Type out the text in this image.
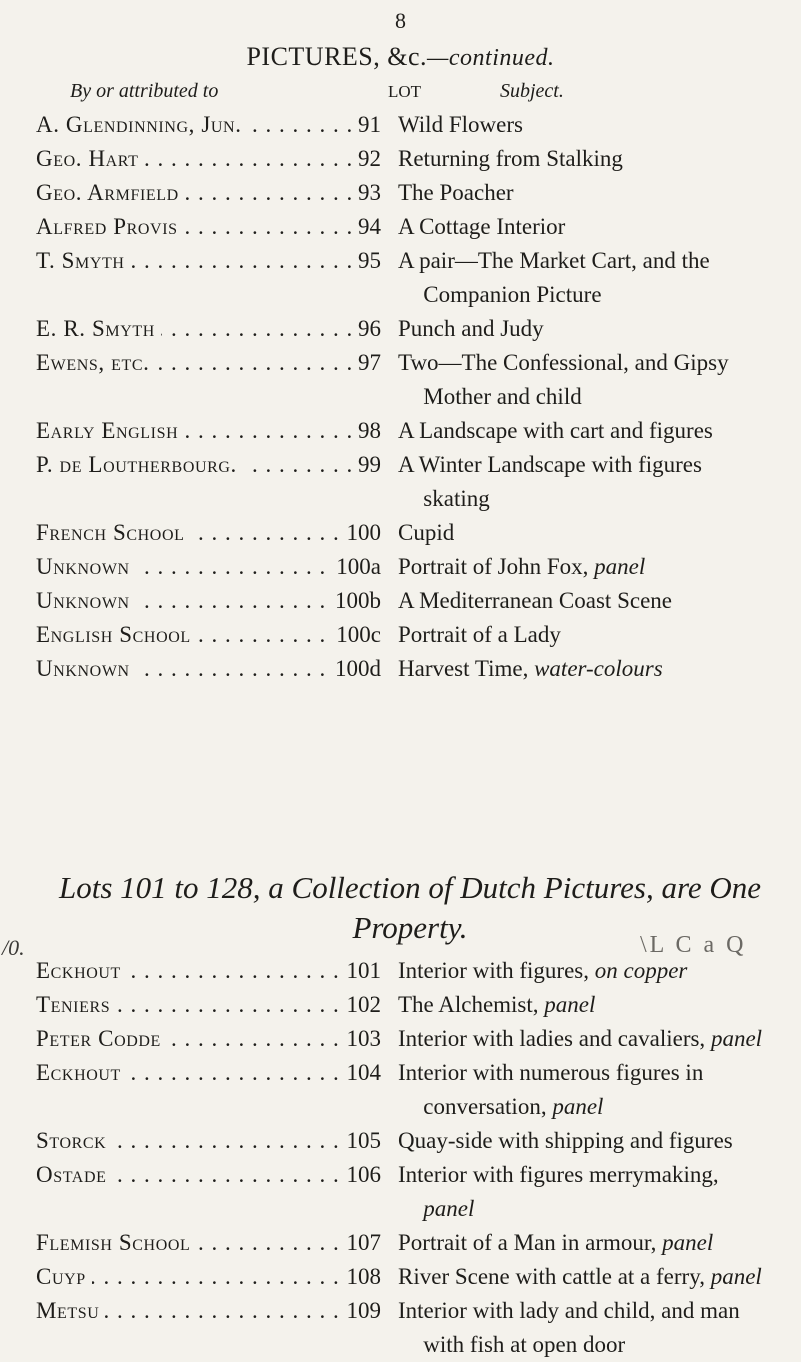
8
PICTURES, &c.—continued.
By or attributed to	LOT	Subject.
A. Glendinning, Jun. . . .	91 Wild Flowers
Geo. Hart . . .	92 Returning from Stalking
Geo. Armfield . . .	93 The Poacher
Alfred Provis . . .	94 A Cottage Interior
T. Smyth . . .	95 A pair—The Market Cart, and the Companion Picture
E. R. Smyth . . .	96 Punch and Judy
Ewens, etc. . . .	97 Two—The Confessional, and Gipsy Mother and child
Early English . . .	98 A Landscape with cart and figures
P. de Loutherbourg. . . .	99 A Winter Landscape with figures skating
French School . . .	100 Cupid
Unknown . . .	100a Portrait of John Fox, panel
Unknown . . .	100b A Mediterranean Coast Scene
English School . . .	100c Portrait of a Lady
Unknown . . .	100d Harvest Time, water-colours
Lots 101 to 128, a Collection of Dutch Pictures, are One Property.
Eckhout . . .	101 Interior with figures, on copper
Teniers . . .	102 The Alchemist, panel
Peter Codde . . .	103 Interior with ladies and cavaliers, panel
Eckhout . . .	104 Interior with numerous figures in conversation, panel
Storck . . .	105 Quay-side with shipping and figures
Ostade . . .	106 Interior with figures merrymaking, panel
Flemish School . . .	107 Portrait of a Man in armour, panel
Cuyp . . .	108 River Scene with cattle at a ferry, panel
Metsu . . .	109 Interior with lady and child, and man with fish at open door
/0.	\L C a Q
